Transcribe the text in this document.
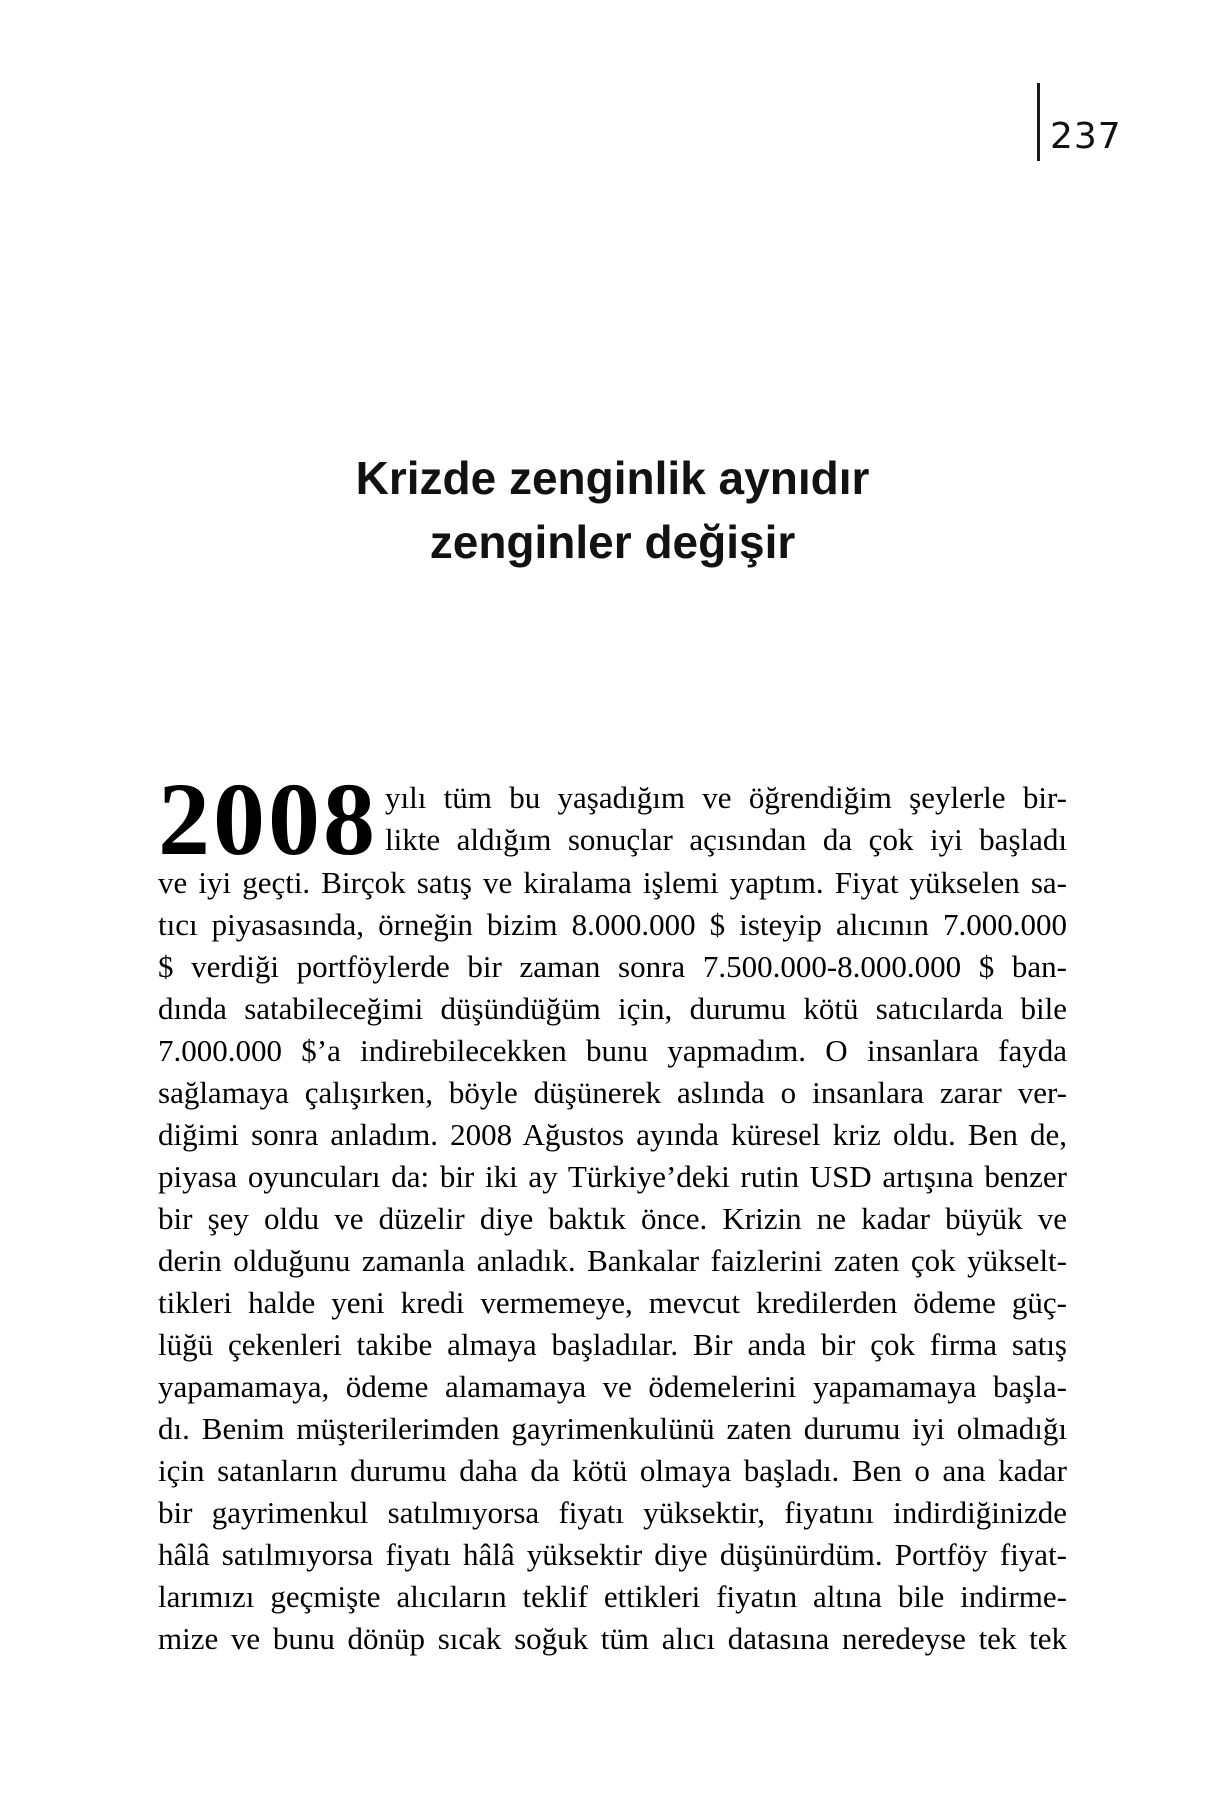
237
Krizde zenginlik aynıdır
zenginler değişir
2008 yılı tüm bu yaşadığım ve öğrendiğim şeylerle bir-
likte aldığım sonuçlar açısından da çok iyi başladı
ve iyi geçti. Birçok satış ve kiralama işlemi yaptım. Fiyat yükselen sa-
tıcı piyasasında, örneğin bizim 8.000.000 $ isteyip alıcının 7.000.000
$ verdiği portföylerde bir zaman sonra 7.500.000-8.000.000 $ ban-
dında satabileceğimi düşündüğüm için, durumu kötü satıcılarda bile
7.000.000 $’a indirebilecekken bunu yapmadım. O insanlara fayda
sağlamaya çalışırken, böyle düşünerek aslında o insanlara zarar ver-
diğimi sonra anladım. 2008 Ağustos ayında küresel kriz oldu. Ben de,
piyasa oyuncuları da: bir iki ay Türkiye’deki rutin USD artışına benzer
bir şey oldu ve düzelir diye baktık önce. Krizin ne kadar büyük ve
derin olduğunu zamanla anladık. Bankalar faizlerini zaten çok yükselt-
tikleri halde yeni kredi vermemeye, mevcut kredilerden ödeme güç-
lüğü çekenleri takibe almaya başladılar. Bir anda bir çok firma satış
yapamamaya, ödeme alamamaya ve ödemelerini yapamamaya başla-
dı. Benim müşterilerimden gayrimenkulünü zaten durumu iyi olmadığı
için satanların durumu daha da kötü olmaya başladı. Ben o ana kadar
bir gayrimenkul satılmıyorsa fiyatı yüksektir, fiyatını indirdiğinizde
hâlâ satılmıyorsa fiyatı hâlâ yüksektir diye düşünürdüm. Portföy fiyat-
larımızı geçmişte alıcıların teklif ettikleri fiyatın altına bile indirme-
mize ve bunu dönüp sıcak soğuk tüm alıcı datasına neredeyse tek tek
